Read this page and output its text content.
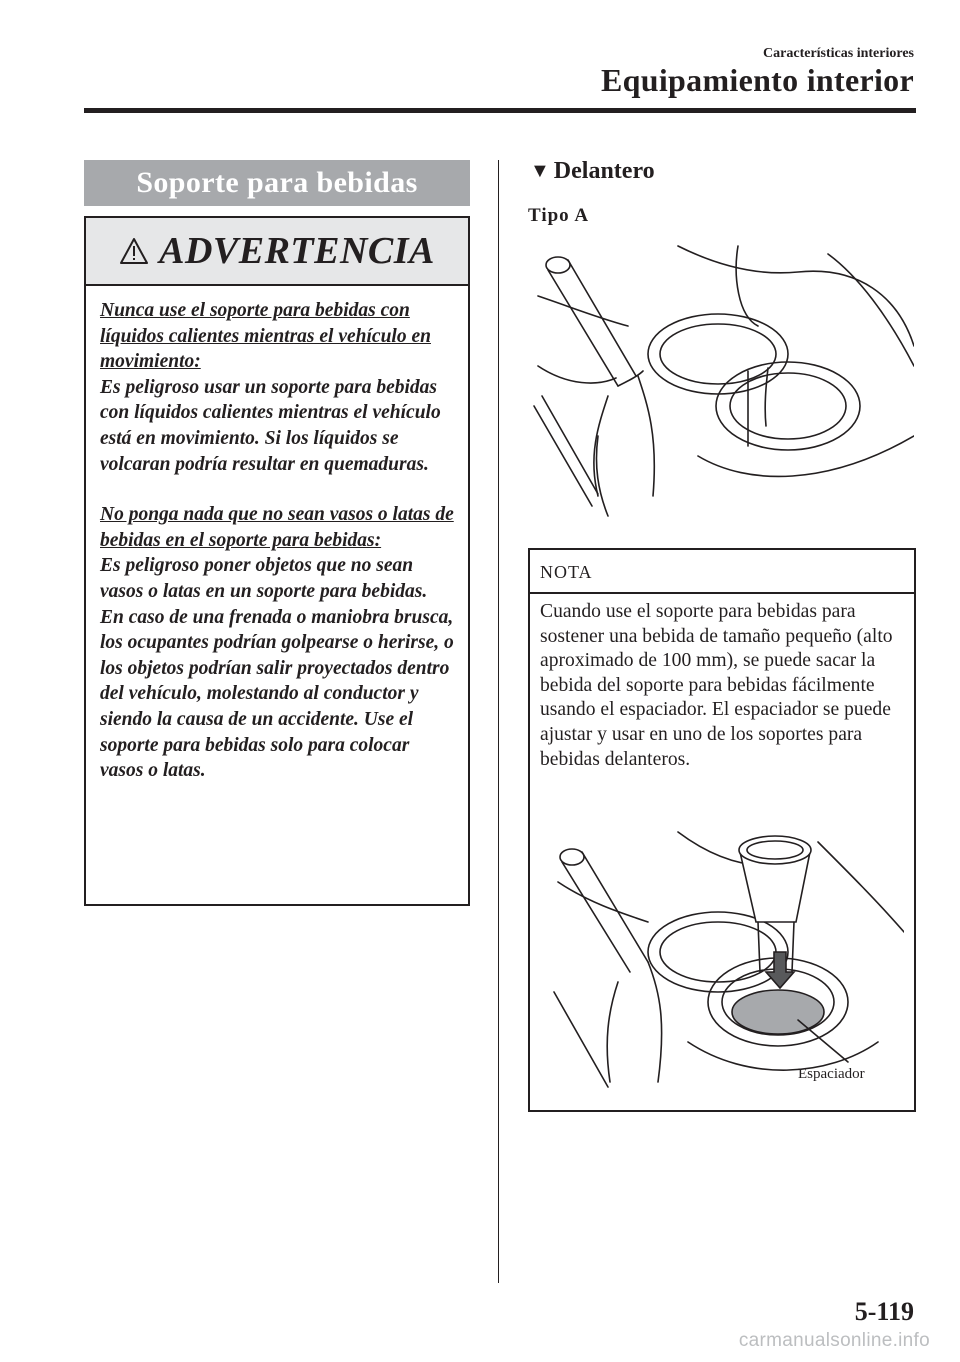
Características interiores
Equipamiento interior
Soporte para bebidas
ADVERTENCIA

Nunca use el soporte para bebidas con líquidos calientes mientras el vehículo en movimiento:

Es peligroso usar un soporte para bebidas con líquidos calientes mientras el vehículo está en movimiento. Si los líquidos se volcaran podría resultar en quemaduras.

No ponga nada que no sean vasos o latas de bebidas en el soporte para bebidas:

Es peligroso poner objetos que no sean vasos o latas en un soporte para bebidas.

En caso de una frenada o maniobra brusca, los ocupantes podrían golpearse o herirse, o los objetos podrían salir proyectados dentro del vehículo, molestando al conductor y siendo la causa de un accidente. Use el soporte para bebidas solo para colocar vasos o latas.

▼ Delantero
Tipo A
NOTA
Cuando use el soporte para bebidas para sostener una bebida de tamaño pequeño (alto aproximado de 100 mm), se puede sacar la bebida del soporte para bebidas fácilmente usando el espaciador. El espaciador se puede ajustar y usar en uno de los soportes para bebidas delanteros.
Espaciador
5-119
carmanualsonline.info
